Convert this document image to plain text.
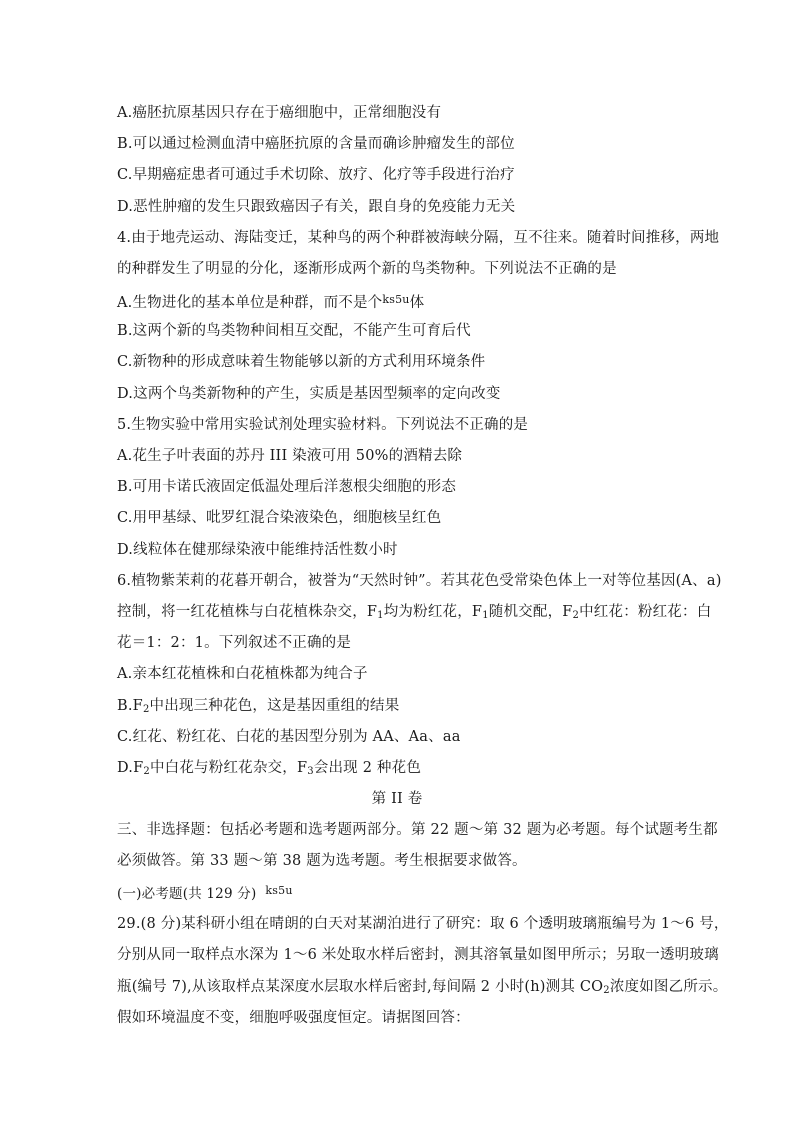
A.癌胚抗原基因只存在于癌细胞中，正常细胞没有
B.可以通过检测血清中癌胚抗原的含量而确诊肿瘤发生的部位
C.早期癌症患者可通过手术切除、放疗、化疗等手段进行治疗
D.恶性肿瘤的发生只跟致癌因子有关，跟自身的免疫能力无关
4.由于地壳运动、海陆变迁，某种鸟的两个种群被海峡分隔，互不往来。随着时间推移，两地
的种群发生了明显的分化，逐渐形成两个新的鸟类物种。下列说法不正确的是
A.生物进化的基本单位是种群，而不是个$^{ks5u}$体
B.这两个新的鸟类物种间相互交配，不能产生可育后代
C.新物种的形成意味着生物能够以新的方式利用环境条件
D.这两个鸟类新物种的产生，实质是基因型频率的定向改变
5.生物实验中常用实验试剂处理实验材料。下列说法不正确的是
A.花生子叶表面的苏丹 III 染液可用 50%的酒精去除
B.可用卡诺氏液固定低温处理后洋葱根尖细胞的形态
C.用甲基绿、吡罗红混合染液染色，细胞核呈红色
D.线粒体在健那绿染液中能维持活性数小时
6.植物紫茉莉的花暮开朝合，被誉为“天然时钟”。若其花色受常染色体上一对等位基因(A、a)
控制，将一红花植株与白花植株杂交，$F_1$均为粉红花，$F_1$随机交配，$F_2$中红花：粉红花：白
花＝1：2：1。下列叙述不正确的是
A.亲本红花植株和白花植株都为纯合子
$B.F_2$中出现三种花色，这是基因重组的结果
C.红花、粉红花、白花的基因型分别为 AA、Aa、aa
$D.F_2$中白花与粉红花杂交，$F_3$会出现 2 种花色
第 II 卷
三、非选择题：包括必考题和选考题两部分。第 22 题～第 32 题为必考题。每个试题考生都
必须做答。第 33 题～第 38 题为选考题。考生根据要求做答。
(一)必考题(共 129 分) $^{ks5u}$
29.(8 分)某科研小组在晴朗的白天对某湖泊进行了研究：取 6 个透明玻璃瓶编号为 1～6 号，
分别从同一取样点水深为 1～6 米处取水样后密封，测其溶氧量如图甲所示；另取一透明玻璃
瓶(编号 7),从该取样点某深度水层取水样后密封,每间隔 2 小时(h)测其 $CO_2$浓度如图乙所示。
假如环境温度不变，细胞呼吸强度恒定。请据图回答：
